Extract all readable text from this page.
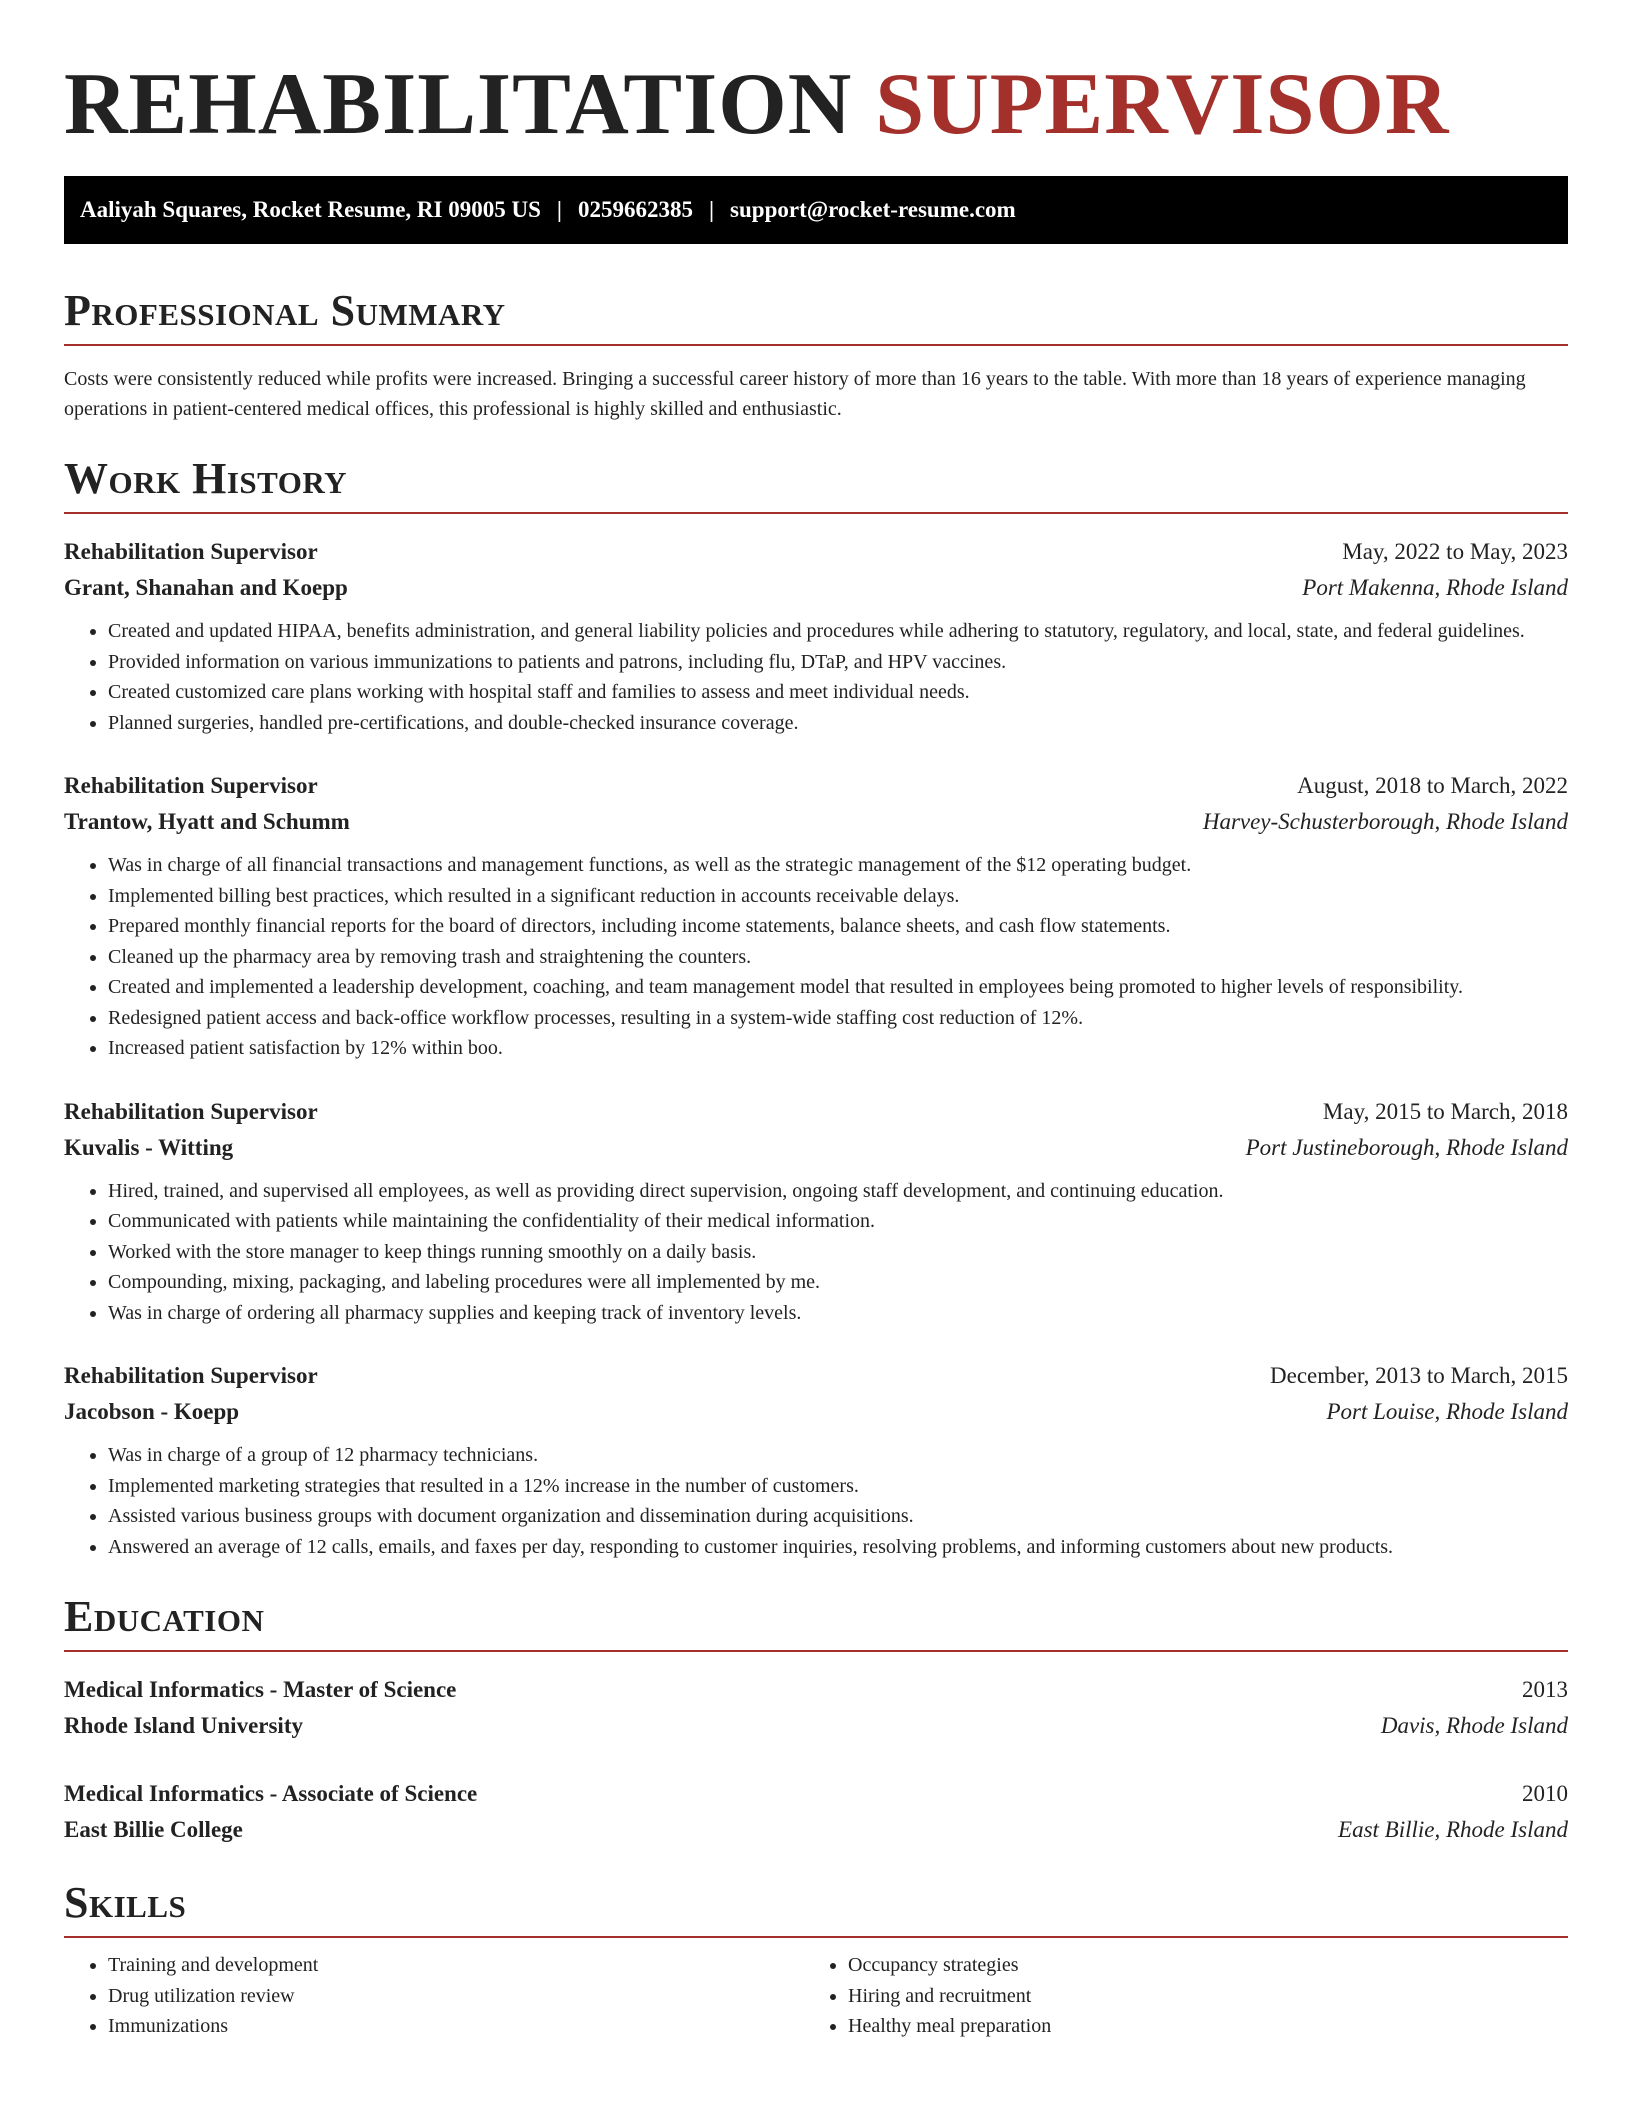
REHABILITATION SUPERVISOR
Aaliyah Squares, Rocket Resume, RI 09005 US | 0259662385 | support@rocket-resume.com
Professional Summary

Costs were consistently reduced while profits were increased. Bringing a successful career history of more than 16 years to the table. With more than 18 years of experience managing operations in patient-centered medical offices, this professional is highly skilled and enthusiastic.

Work History
Rehabilitation Supervisor	May, 2022 to May, 2023
Grant, Shanahan and Koepp	Port Makenna, Rhode Island
• Created and updated HIPAA, benefits administration, and general liability policies and procedures while adhering to statutory, regulatory, and local, state, and federal guidelines.
• Provided information on various immunizations to patients and patrons, including flu, DTaP, and HPV vaccines.
• Created customized care plans working with hospital staff and families to assess and meet individual needs.
• Planned surgeries, handled pre-certifications, and double-checked insurance coverage.
Rehabilitation Supervisor	August, 2018 to March, 2022
Trantow, Hyatt and Schumm	Harvey-Schusterborough, Rhode Island
• Was in charge of all financial transactions and management functions, as well as the strategic management of the $12 operating budget.
• Implemented billing best practices, which resulted in a significant reduction in accounts receivable delays.
• Prepared monthly financial reports for the board of directors, including income statements, balance sheets, and cash flow statements.
• Cleaned up the pharmacy area by removing trash and straightening the counters.
• Created and implemented a leadership development, coaching, and team management model that resulted in employees being promoted to higher levels of responsibility.
• Redesigned patient access and back-office workflow processes, resulting in a system-wide staffing cost reduction of 12%.
• Increased patient satisfaction by 12% within boo.
Rehabilitation Supervisor	May, 2015 to March, 2018
Kuvalis - Witting	Port Justineborough, Rhode Island
• Hired, trained, and supervised all employees, as well as providing direct supervision, ongoing staff development, and continuing education.
• Communicated with patients while maintaining the confidentiality of their medical information.
• Worked with the store manager to keep things running smoothly on a daily basis.
• Compounding, mixing, packaging, and labeling procedures were all implemented by me.
• Was in charge of ordering all pharmacy supplies and keeping track of inventory levels.
Rehabilitation Supervisor	December, 2013 to March, 2015
Jacobson - Koepp	Port Louise, Rhode Island
• Was in charge of a group of 12 pharmacy technicians.
• Implemented marketing strategies that resulted in a 12% increase in the number of customers.
• Assisted various business groups with document organization and dissemination during acquisitions.
• Answered an average of 12 calls, emails, and faxes per day, responding to customer inquiries, resolving problems, and informing customers about new products.
Education
Medical Informatics - Master of Science	2013
Rhode Island University	Davis, Rhode Island
Medical Informatics - Associate of Science	2010
East Billie College	East Billie, Rhode Island
Skills
• Training and development
• Drug utilization review
• Immunizations
• Occupancy strategies
• Hiring and recruitment
• Healthy meal preparation
